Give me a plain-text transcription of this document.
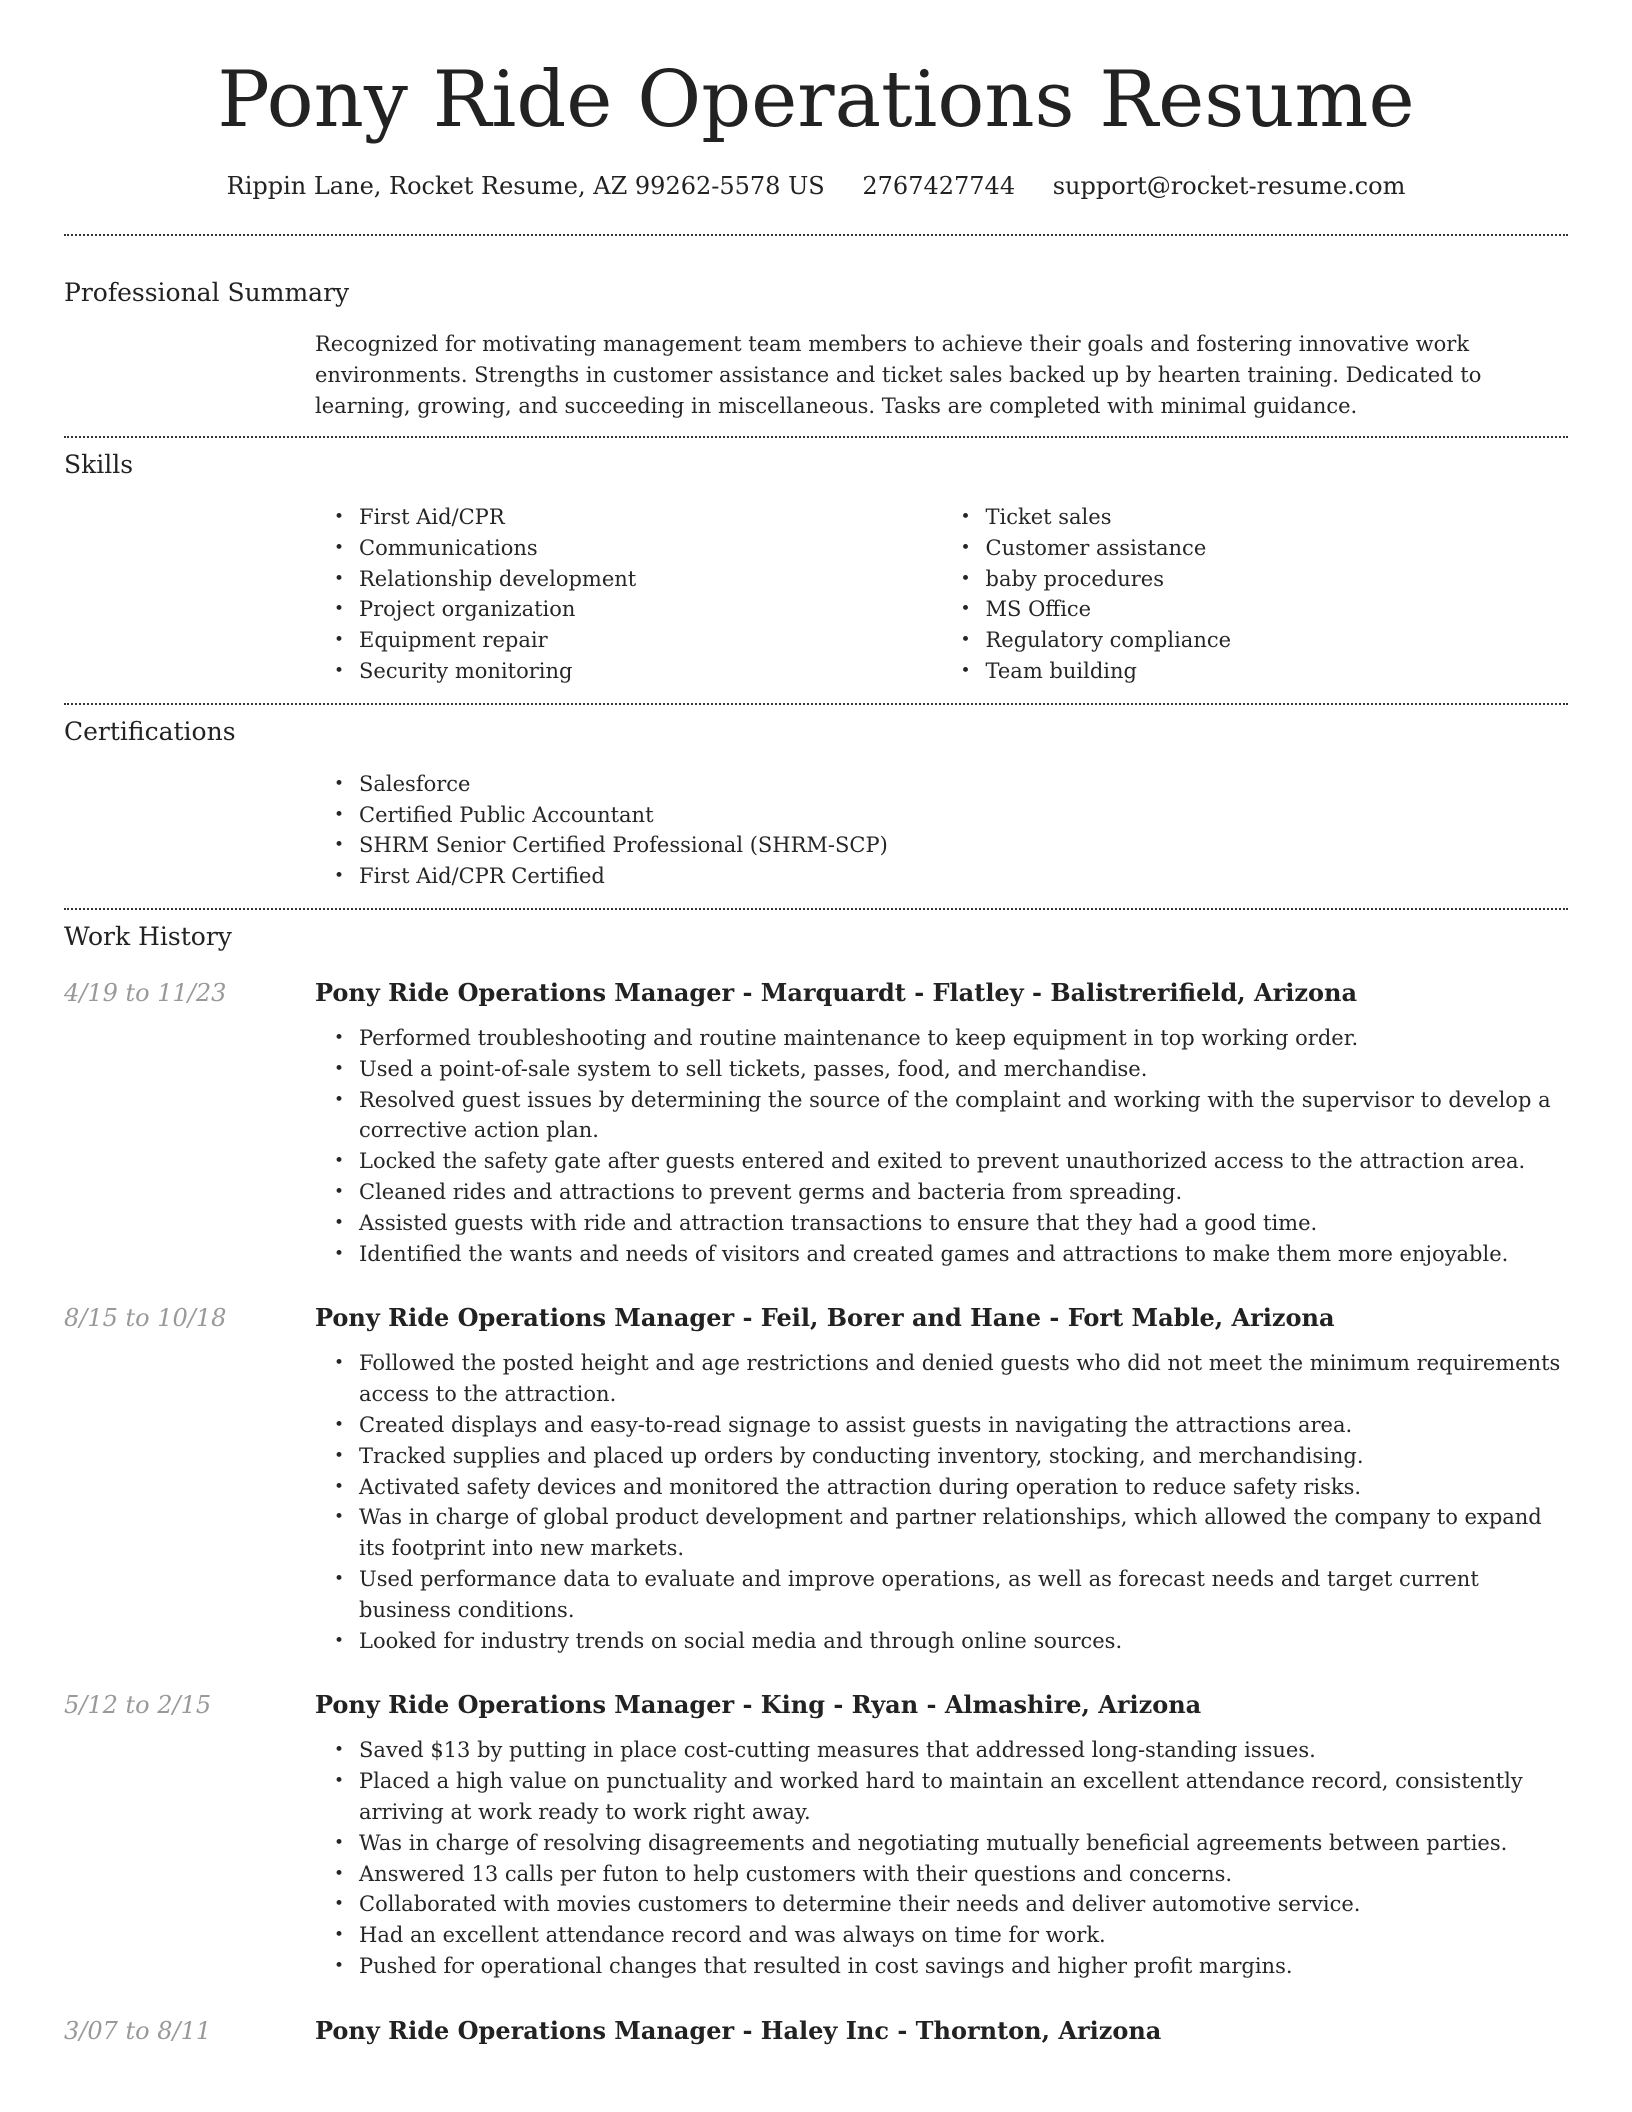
Pony Ride Operations Resume
Rippin Lane, Rocket Resume, AZ 99262-5578 US 2767427744 support@rocket-resume.com
Professional Summary
Recognized for motivating management team members to achieve their goals and fostering innovative work environments. Strengths in customer assistance and ticket sales backed up by hearten training. Dedicated to learning, growing, and succeeding in miscellaneous. Tasks are completed with minimal guidance.
Skills
• First Aid/CPR
• Communications
• Relationship development
• Project organization
• Equipment repair
• Security monitoring
• Ticket sales
• Customer assistance
• baby procedures
• MS Office
• Regulatory compliance
• Team building
Certifications
• Salesforce
• Certified Public Accountant
• SHRM Senior Certified Professional (SHRM-SCP)
• First Aid/CPR Certified
Work History
4/19 to 11/23	Pony Ride Operations Manager - Marquardt - Flatley - Balistrerifield, Arizona
• Performed troubleshooting and routine maintenance to keep equipment in top working order.
• Used a point-of-sale system to sell tickets, passes, food, and merchandise.
• Resolved guest issues by determining the source of the complaint and working with the supervisor to develop a corrective action plan.
• Locked the safety gate after guests entered and exited to prevent unauthorized access to the attraction area.
• Cleaned rides and attractions to prevent germs and bacteria from spreading.
• Assisted guests with ride and attraction transactions to ensure that they had a good time.
• Identified the wants and needs of visitors and created games and attractions to make them more enjoyable.
8/15 to 10/18	Pony Ride Operations Manager - Feil, Borer and Hane - Fort Mable, Arizona
• Followed the posted height and age restrictions and denied guests who did not meet the minimum requirements access to the attraction.
• Created displays and easy-to-read signage to assist guests in navigating the attractions area.
• Tracked supplies and placed up orders by conducting inventory, stocking, and merchandising.
• Activated safety devices and monitored the attraction during operation to reduce safety risks.
• Was in charge of global product development and partner relationships, which allowed the company to expand its footprint into new markets.
• Used performance data to evaluate and improve operations, as well as forecast needs and target current business conditions.
• Looked for industry trends on social media and through online sources.
5/12 to 2/15	Pony Ride Operations Manager - King - Ryan - Almashire, Arizona
• Saved $13 by putting in place cost-cutting measures that addressed long-standing issues.
• Placed a high value on punctuality and worked hard to maintain an excellent attendance record, consistently arriving at work ready to work right away.
• Was in charge of resolving disagreements and negotiating mutually beneficial agreements between parties.
• Answered 13 calls per futon to help customers with their questions and concerns.
• Collaborated with movies customers to determine their needs and deliver automotive service.
• Had an excellent attendance record and was always on time for work.
• Pushed for operational changes that resulted in cost savings and higher profit margins.
3/07 to 8/11	Pony Ride Operations Manager - Haley Inc - Thornton, Arizona
